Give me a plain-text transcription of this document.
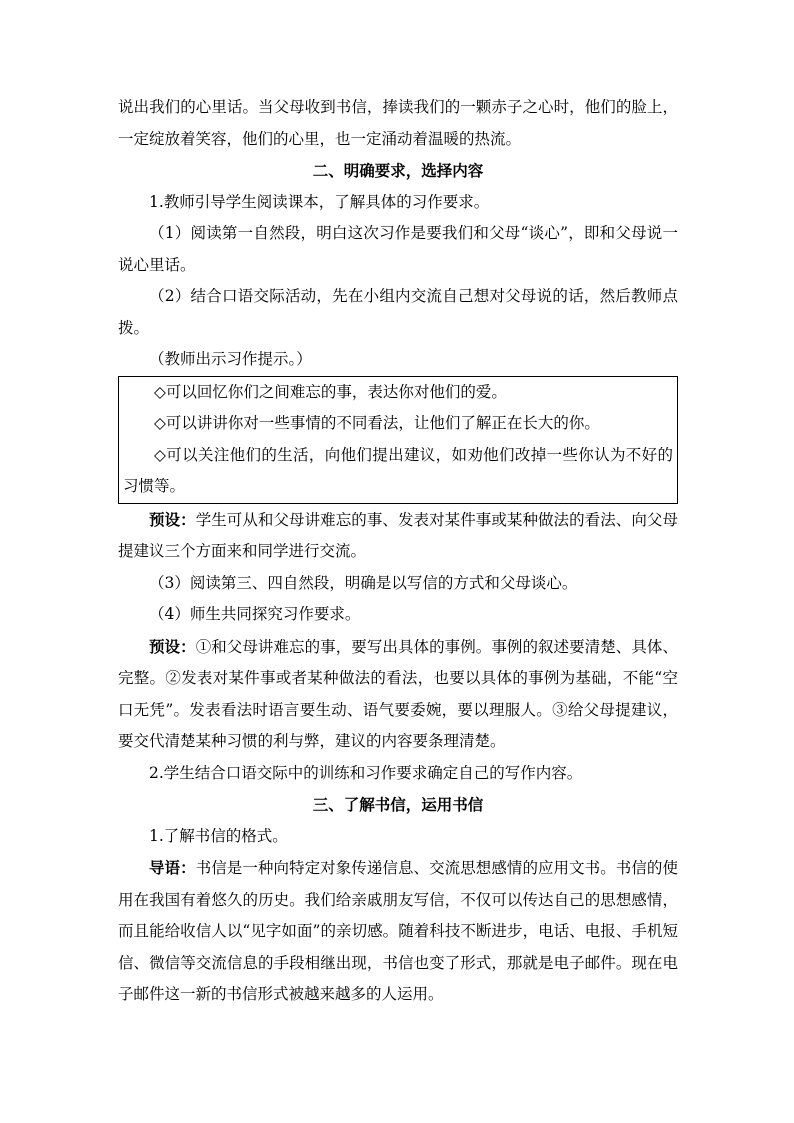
说出我们的心里话。当父母收到书信，捧读我们的一颗赤子之心时，他们的脸上，一定绽放着笑容，他们的心里，也一定涌动着温暖的热流。

二、明确要求，选择内容

1.教师引导学生阅读课本，了解具体的习作要求。

（1）阅读第一自然段，明白这次习作是要我们和父母“谈心”，即和父母说一说心里话。

（2）结合口语交际活动，先在小组内交流自己想对父母说的话，然后教师点拨。

（教师出示习作提示。）

◇可以回忆你们之间难忘的事，表达你对他们的爱。

◇可以讲讲你对一些事情的不同看法，让他们了解正在长大的你。

◇可以关注他们的生活，向他们提出建议，如劝他们改掉一些你认为不好的习惯等。

预设：学生可从和父母讲难忘的事、发表对某件事或某种做法的看法、向父母提建议三个方面来和同学进行交流。

（3）阅读第三、四自然段，明确是以写信的方式和父母谈心。

（4）师生共同探究习作要求。

预设：①和父母讲难忘的事，要写出具体的事例。事例的叙述要清楚、具体、完整。②发表对某件事或者某种做法的看法，也要以具体的事例为基础，不能“空口无凭”。发表看法时语言要生动、语气要委婉，要以理服人。③给父母提建议，要交代清楚某种习惯的利与弊，建议的内容要条理清楚。

2.学生结合口语交际中的训练和习作要求确定自己的写作内容。

三、了解书信，运用书信

1.了解书信的格式。

导语：书信是一种向特定对象传递信息、交流思想感情的应用文书。书信的使用在我国有着悠久的历史。我们给亲戚朋友写信，不仅可以传达自己的思想感情，而且能给收信人以“见字如面”的亲切感。随着科技不断进步，电话、电报、手机短信、微信等交流信息的手段相继出现，书信也变了形式，那就是电子邮件。现在电子邮件这一新的书信形式被越来越多的人运用。
